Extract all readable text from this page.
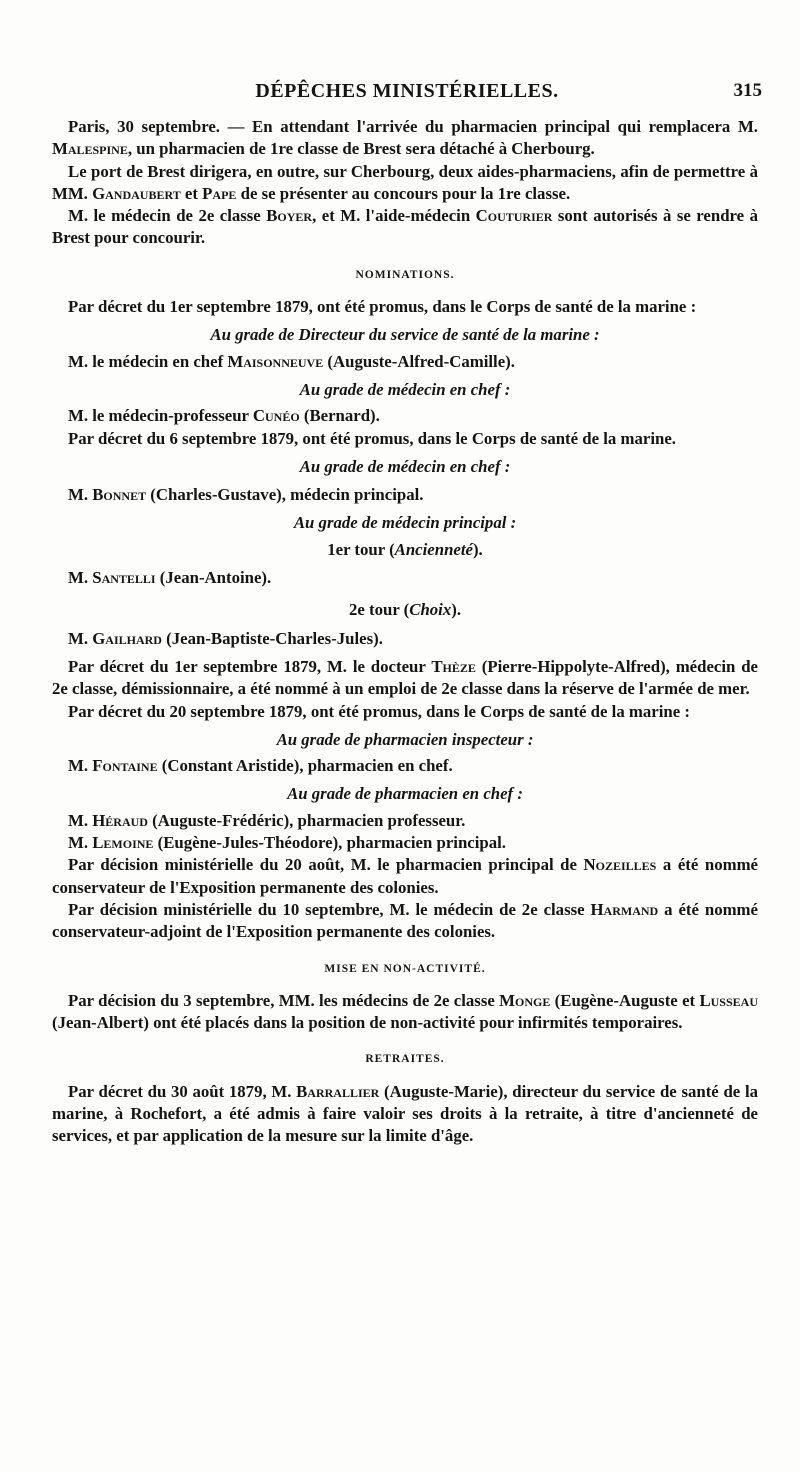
DÉPÊCHES MINISTÉRIELLES.	315

Paris, 30 septembre. — En attendant l'arrivée du pharmacien principal qui remplacera M. Malespine, un pharmacien de 1re classe de Brest sera détaché à Cherbourg.

Le port de Brest dirigera, en outre, sur Cherbourg, deux aides-pharmaciens, afin de permettre à MM. Gandaubert et Pape de se présenter au concours pour la 1re classe.

M. le médecin de 2e classe Boyer, et M. l'aide-médecin Couturier sont autorisés à se rendre à Brest pour concourir.

NOMINATIONS.

Par décret du 1er septembre 1879, ont été promus, dans le Corps de santé de la marine :

Au grade de Directeur du service de santé de la marine :

M. le médecin en chef Maisonneuve (Auguste-Alfred-Camille).

Au grade de médecin en chef :

M. le médecin-professeur Cunéo (Bernard).

Par décret du 6 septembre 1879, ont été promus, dans le Corps de santé de la marine.

Au grade de médecin en chef :

M. Bonnet (Charles-Gustave), médecin principal.

Au grade de médecin principal :
1er tour (Ancienneté).

M. Santelli (Jean-Antoine).

2e tour (Choix).

M. Gailhard (Jean-Baptiste-Charles-Jules).

Par décret du 1er septembre 1879, M. le docteur Thèze (Pierre-Hippolyte-Alfred), médecin de 2e classe, démissionnaire, a été nommé à un emploi de 2e classe dans la réserve de l'armée de mer.

Par décret du 20 septembre 1879, ont été promus, dans le Corps de santé de la marine :

Au grade de pharmacien inspecteur :

M. Fontaine (Constant Aristide), pharmacien en chef.

Au grade de pharmacien en chef :

M. Héraud (Auguste-Frédéric), pharmacien professeur.

M. Lemoine (Eugène-Jules-Théodore), pharmacien principal.

Par décision ministérielle du 20 août, M. le pharmacien principal de Nozeilles a été nommé conservateur de l'Exposition permanente des colonies.

Par décision ministérielle du 10 septembre, M. le médecin de 2e classe Harmand a été nommé conservateur-adjoint de l'Exposition permanente des colonies.

MISE EN NON-ACTIVITÉ.

Par décision du 3 septembre, MM. les médecins de 2e classe Monge (Eugène-Auguste et Lusseau (Jean-Albert) ont été placés dans la position de non-activité pour infirmités temporaires.

RETRAITES.

Par décret du 30 août 1879, M. Barrallier (Auguste-Marie), directeur du service de santé de la marine, à Rochefort, a été admis à faire valoir ses droits à la retraite, à titre d'ancienneté de services, et par application de la mesure sur la limite d'âge.
